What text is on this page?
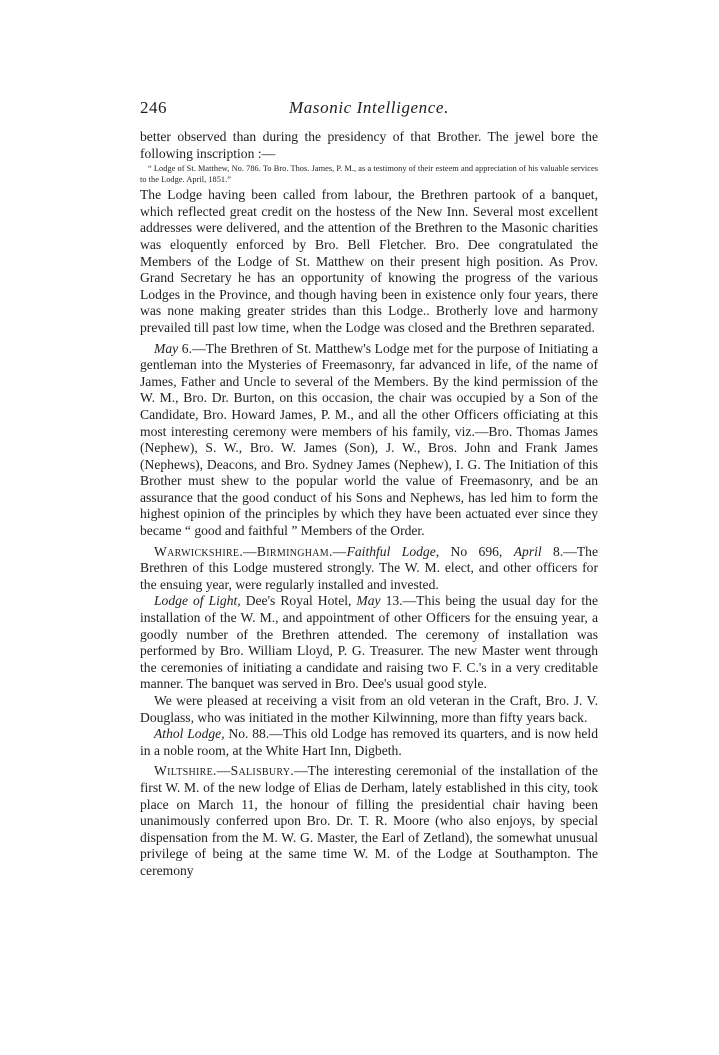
246	Masonic Intelligence.

better observed than during the presidency of that Brother. The jewel bore the following inscription :—

“ Lodge of St. Matthew, No. 786. To Bro. Thos. James, P. M., as a testimony of their esteem and appreciation of his valuable services to the Lodge. April, 1851.”

The Lodge having been called from labour, the Brethren partook of a banquet, which reflected great credit on the hostess of the New Inn. Several most excellent addresses were delivered, and the attention of the Brethren to the Masonic charities was eloquently enforced by Bro. Bell Fletcher. Bro. Dee congratulated the Members of the Lodge of St. Matthew on their present high position. As Prov. Grand Secretary he has an opportunity of knowing the progress of the various Lodges in the Province, and though having been in existence only four years, there was none making greater strides than this Lodge.. Brotherly love and harmony prevailed till past low time, when the Lodge was closed and the Brethren separated.

May 6.—The Brethren of St. Matthew's Lodge met for the purpose of Initiating a gentleman into the Mysteries of Freemasonry, far advanced in life, of the name of James, Father and Uncle to several of the Members. By the kind permission of the W. M., Bro. Dr. Burton, on this occasion, the chair was occupied by a Son of the Candidate, Bro. Howard James, P. M., and all the other Officers officiating at this most interesting ceremony were members of his family, viz.—Bro. Thomas James (Nephew), S. W., Bro. W. James (Son), J. W., Bros. John and Frank James (Nephews), Deacons, and Bro. Sydney James (Nephew), I. G. The Initiation of this Brother must shew to the popular world the value of Freemasonry, and be an assurance that the good conduct of his Sons and Nephews, has led him to form the highest opinion of the principles by which they have been actuated ever since they became “ good and faithful ” Members of the Order.

Warwickshire.—Birmingham.—Faithful Lodge, No 696, April 8.—The Brethren of this Lodge mustered strongly. The W. M. elect, and other officers for the ensuing year, were regularly installed and invested.

Lodge of Light, Dee's Royal Hotel, May 13.—This being the usual day for the installation of the W. M., and appointment of other Officers for the ensuing year, a goodly number of the Brethren attended. The ceremony of installation was performed by Bro. William Lloyd, P. G. Treasurer. The new Master went through the ceremonies of initiating a candidate and raising two F. C.'s in a very creditable manner. The banquet was served in Bro. Dee's usual good style.

We were pleased at receiving a visit from an old veteran in the Craft, Bro. J. V. Douglass, who was initiated in the mother Kilwinning, more than fifty years back.

Athol Lodge, No. 88.—This old Lodge has removed its quarters, and is now held in a noble room, at the White Hart Inn, Digbeth.

Wiltshire.—Salisbury.—The interesting ceremonial of the installation of the first W. M. of the new lodge of Elias de Derham, lately established in this city, took place on March 11, the honour of filling the presidential chair having been unanimously conferred upon Bro. Dr. T. R. Moore (who also enjoys, by special dispensation from the M. W. G. Master, the Earl of Zetland), the somewhat unusual privilege of being at the same time W. M. of the Lodge at Southampton. The ceremony
